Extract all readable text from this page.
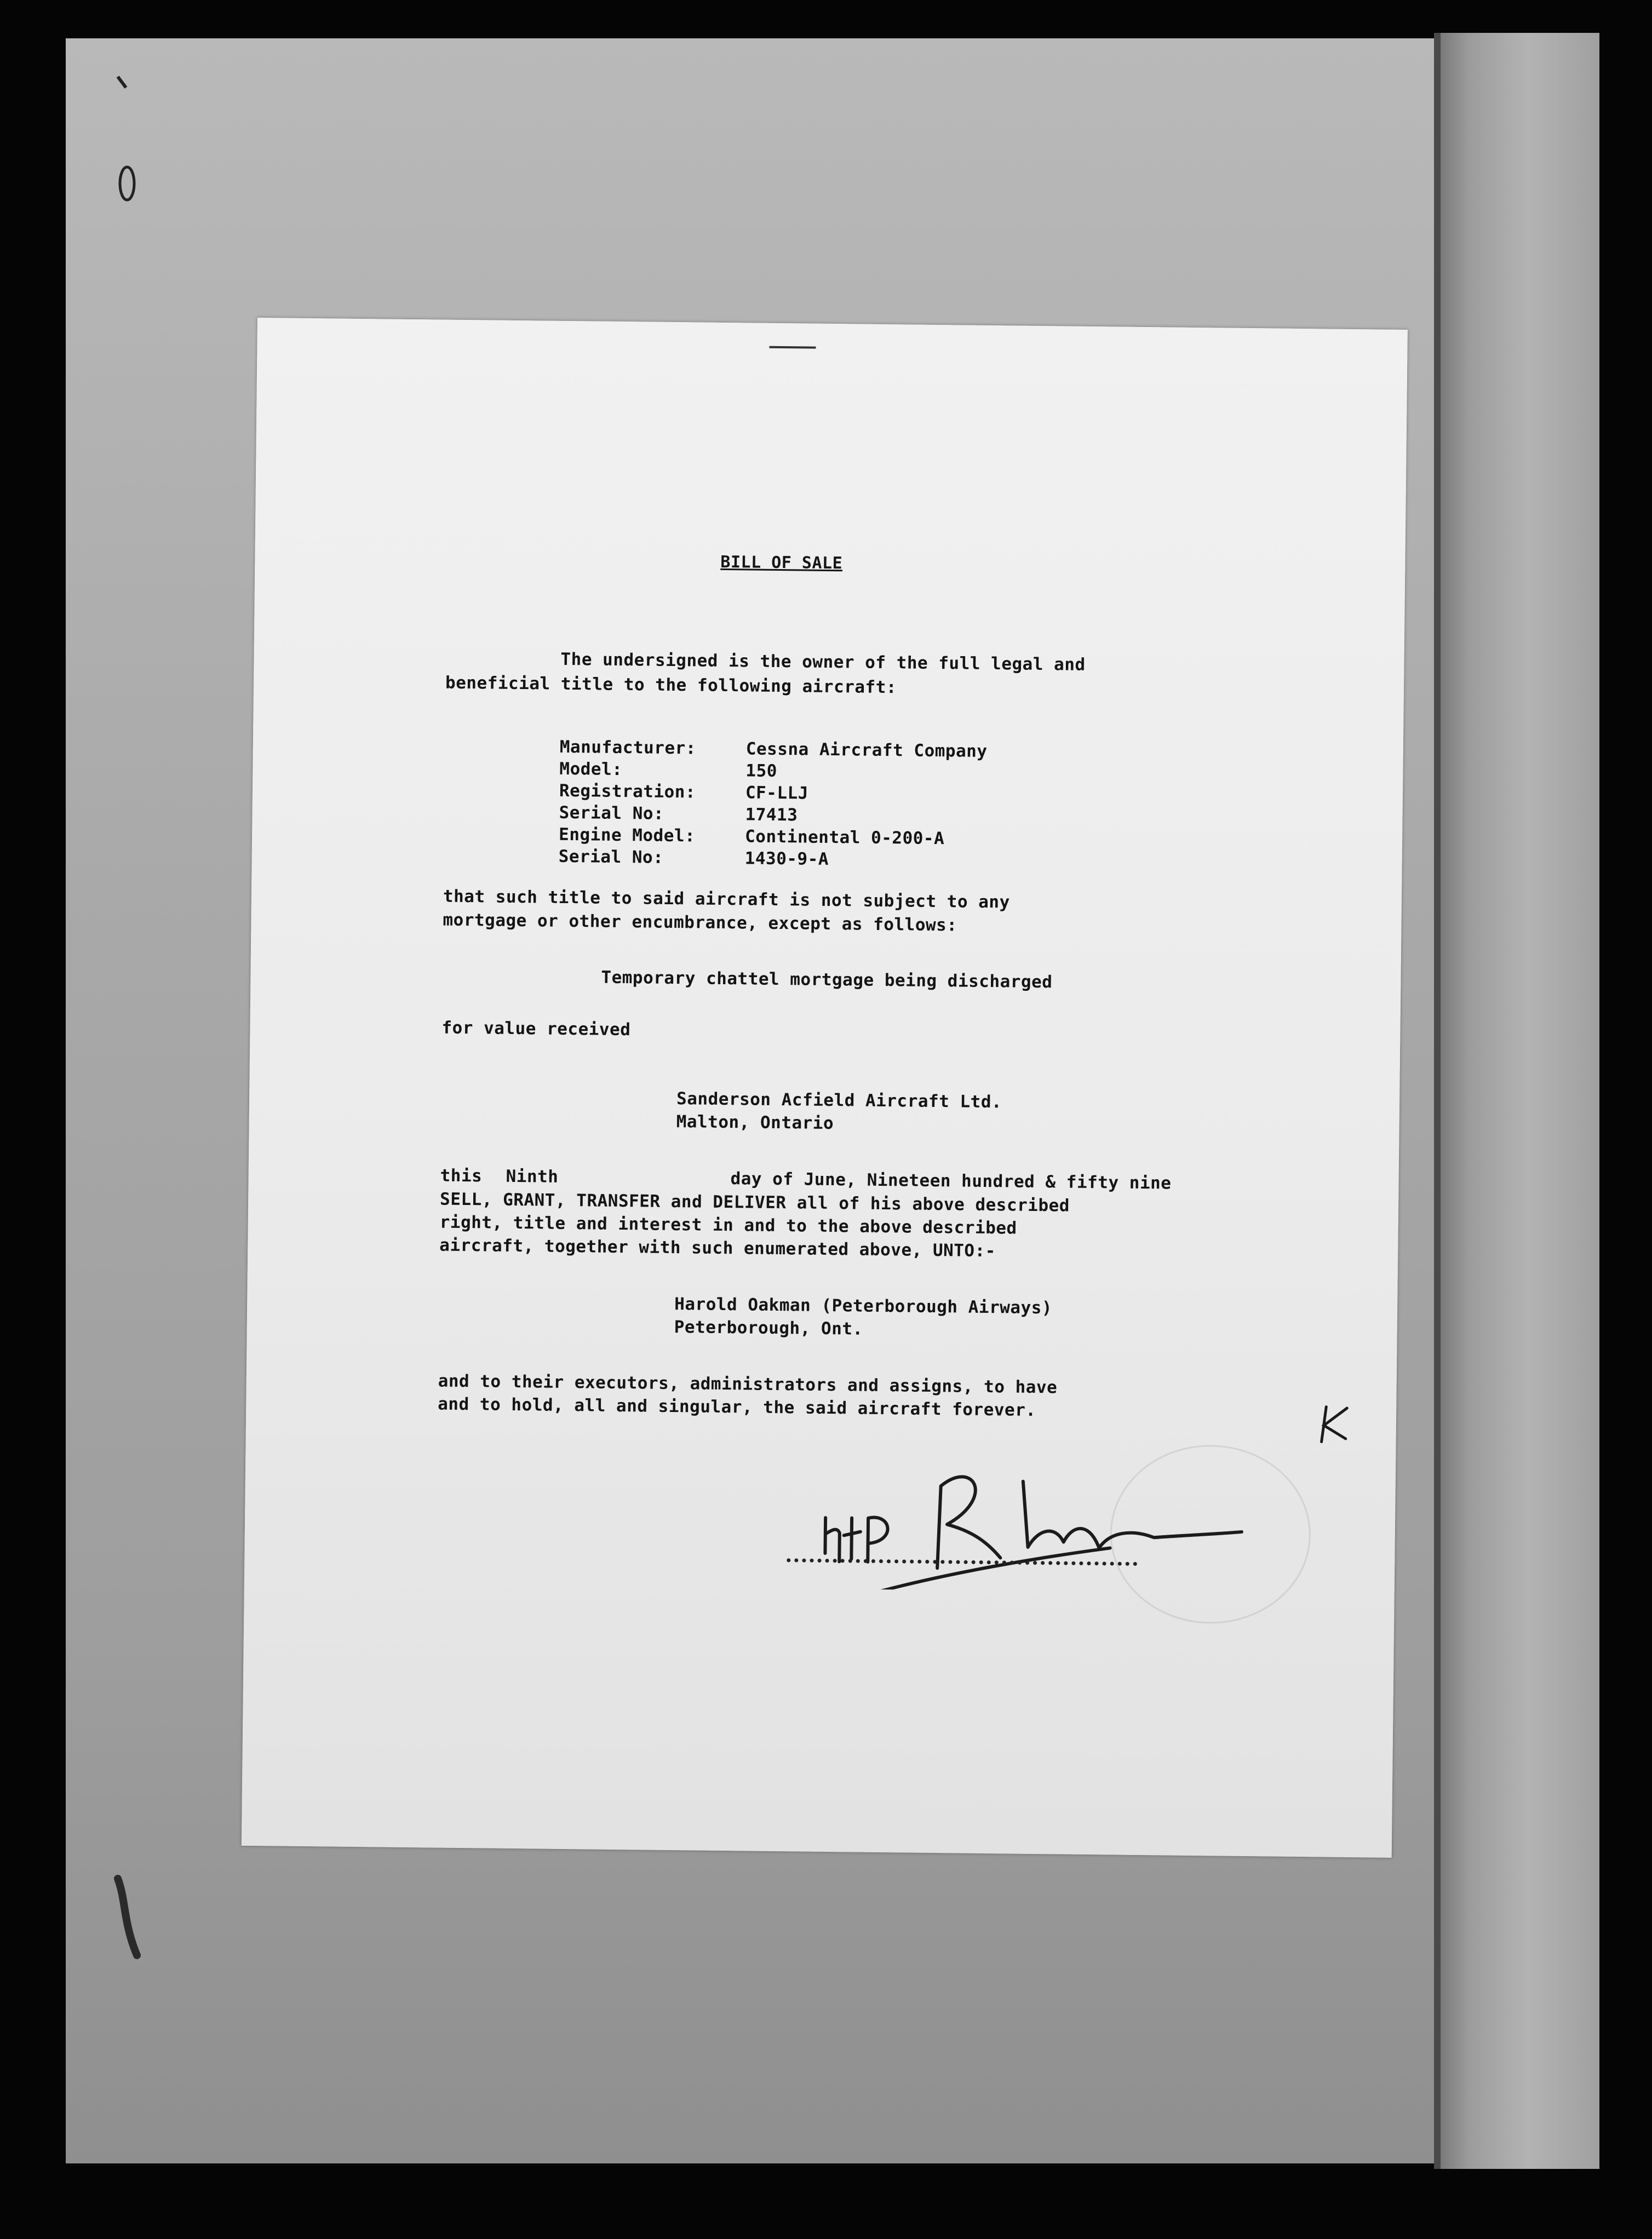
BILL OF SALE
The undersigned is the owner of the full legal and
beneficial title to the following aircraft:
Manufacturer:	Cessna Aircraft Company
Model:	150
Registration:	CF-LLJ
Serial No:	17413
Engine Model:	Continental 0-200-A
Serial No:	1430-9-A
that such title to said aircraft is not subject to any
mortgage or other encumbrance, except as follows:
Temporary chattel mortgage being discharged
for value received
Sanderson Acfield Aircraft Ltd.
Malton, Ontario
this Ninth	day of June, Nineteen hundred & fifty nine
SELL, GRANT, TRANSFER and DELIVER all of his above described
right, title and interest in and to the above described
aircraft, together with such enumerated above, UNTO:-
Harold Oakman (Peterborough Airways)
Peterborough, Ont.
and to their executors, administrators and assigns, to have
and to hold, all and singular, the said aircraft forever.
